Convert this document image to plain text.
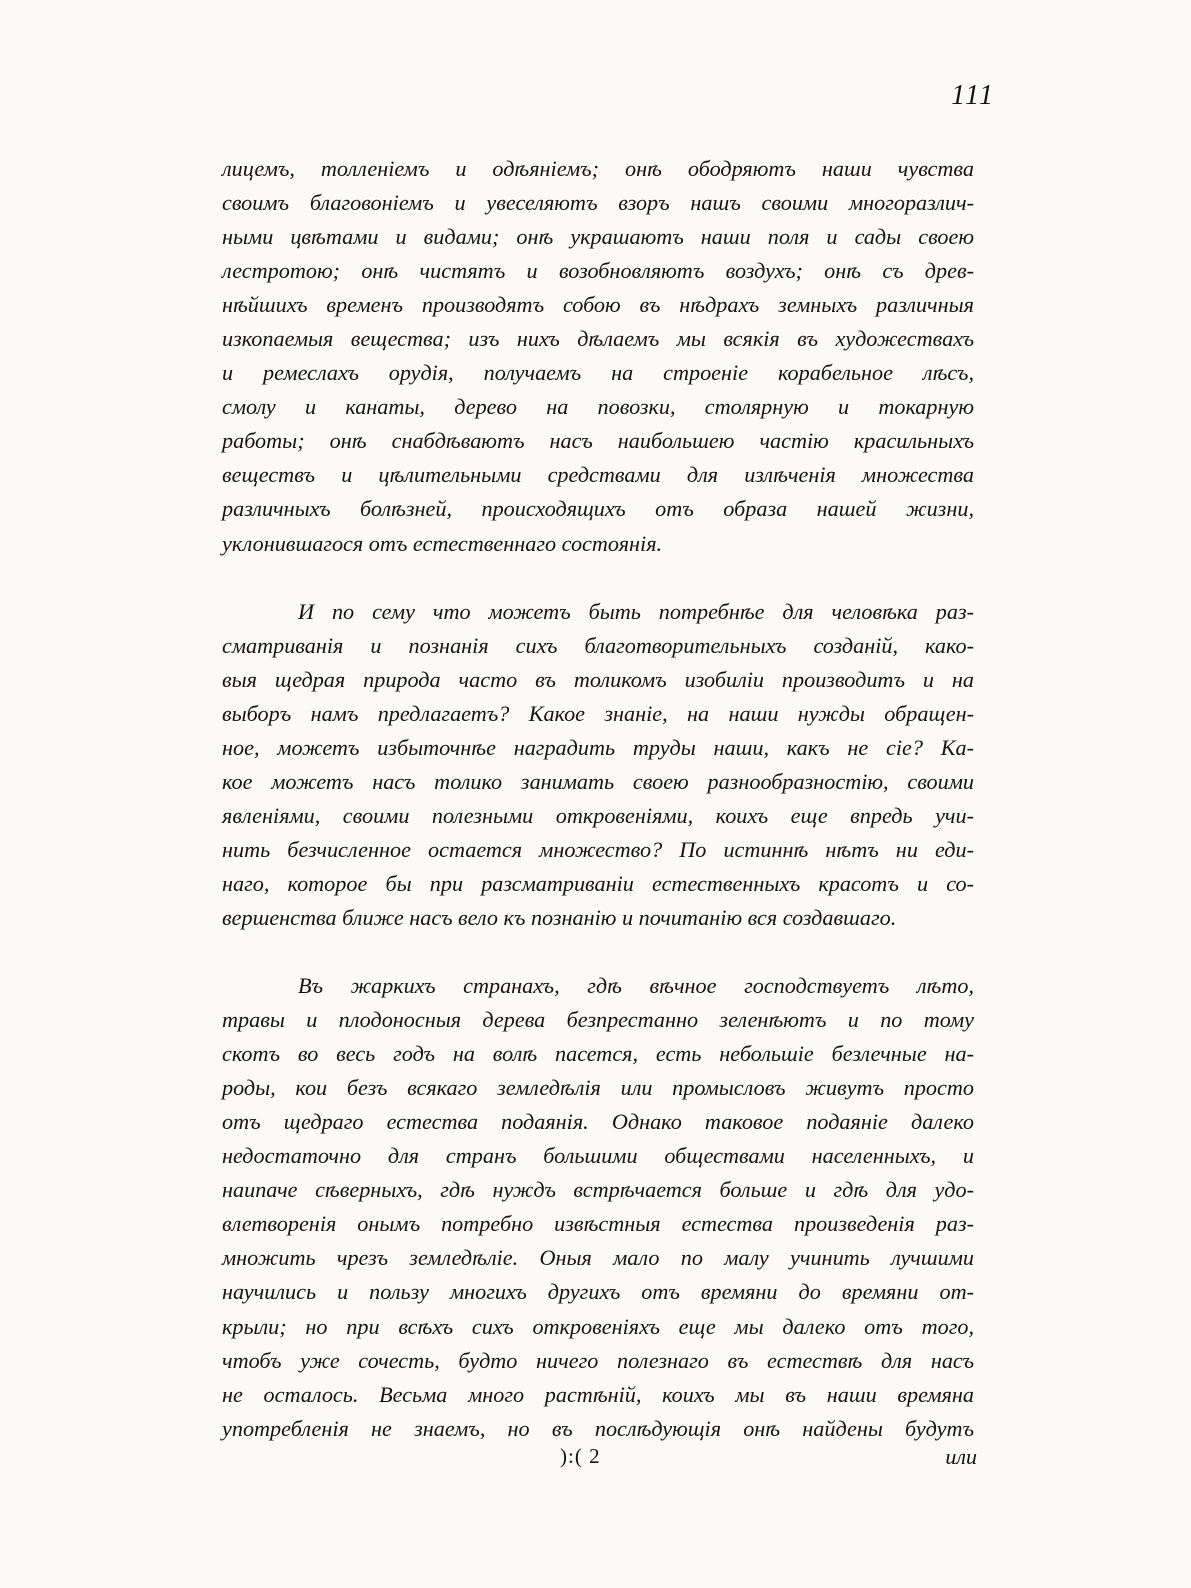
111
лицемъ, толленіемъ и одѣяніемъ; онѣ ободряютъ наши чувства
своимъ благовоніемъ и увеселяютъ взоръ нашъ своими многоразлич-
ными цвѣтами и видами; онѣ украшаютъ наши поля и сады своею
лестротою; онѣ чистятъ и возобновляютъ воздухъ; онѣ съ древ-
нѣйшихъ временъ производятъ собою въ нѣдрахъ земныхъ различныя
изкопаемыя вещества; изъ нихъ дѣлаемъ мы всякія въ художествахъ
и ремеслахъ орудія, получаемъ на строеніе корабельное лѣсъ,
смолу и канаты, дерево на повозки, столярную и токарную
работы; онѣ снабдѣваютъ насъ наибольшею частію красильныхъ
веществъ и цѣлительными средствами для излѣченія множества
различныхъ болѣзней, происходящихъ отъ образа нашей жизни,
уклонившагося отъ естественнаго состоянія.
И по сему что можетъ быть потребнѣе для человѣка раз-
сматриванія и познанія сихъ благотворительныхъ созданій, како-
выя щедрая природа часто въ толикомъ изобиліи производитъ и на
выборъ намъ предлагаетъ? Какое знаніе, на наши нужды обращен-
ное, можетъ избыточнѣе наградить труды наши, какъ не сіе? Ка-
кое можетъ насъ толико занимать своею разнообразностію, своими
явленіями, своими полезными откровеніями, коихъ еще впредь учи-
нить безчисленное остается множество? По истиннѣ нѣтъ ни еди-
наго, которое бы при разсматриваніи естественныхъ красотъ и со-
вершенства ближе насъ вело къ познанію и почитанію вся создавшаго.
Въ жаркихъ странахъ, гдѣ вѣчное господствуетъ лѣто,
травы и плодоносныя дерева безпрестанно зеленѣютъ и по тому
скотъ во весь годъ на волѣ пасется, есть небольшіе безлечные на-
роды, кои безъ всякаго земледѣлія или промысловъ живутъ просто
отъ щедраго естества подаянія. Однако таковое подаяніе далеко
недостаточно для странъ большими обществами населенныхъ, и
наипаче сѣверныхъ, гдѣ нуждъ встрѣчается больше и гдѣ для удо-
влетворенія онымъ потребно извѣстныя естества произведенія раз-
множить чрезъ земледѣліе. Оныя мало по малу учинить лучшими
научились и пользу многихъ другихъ отъ времяни до времяни от-
крыли; но при всѣхъ сихъ откровеніяхъ еще мы далеко отъ того,
чтобъ уже сочесть, будто ничего полезнаго въ естествѣ для насъ
не осталось. Весьма много растѣній, коихъ мы въ наши времяна
употребленія не знаемъ, но въ послѣдующія онѣ найдены будутъ
):( 2	или
